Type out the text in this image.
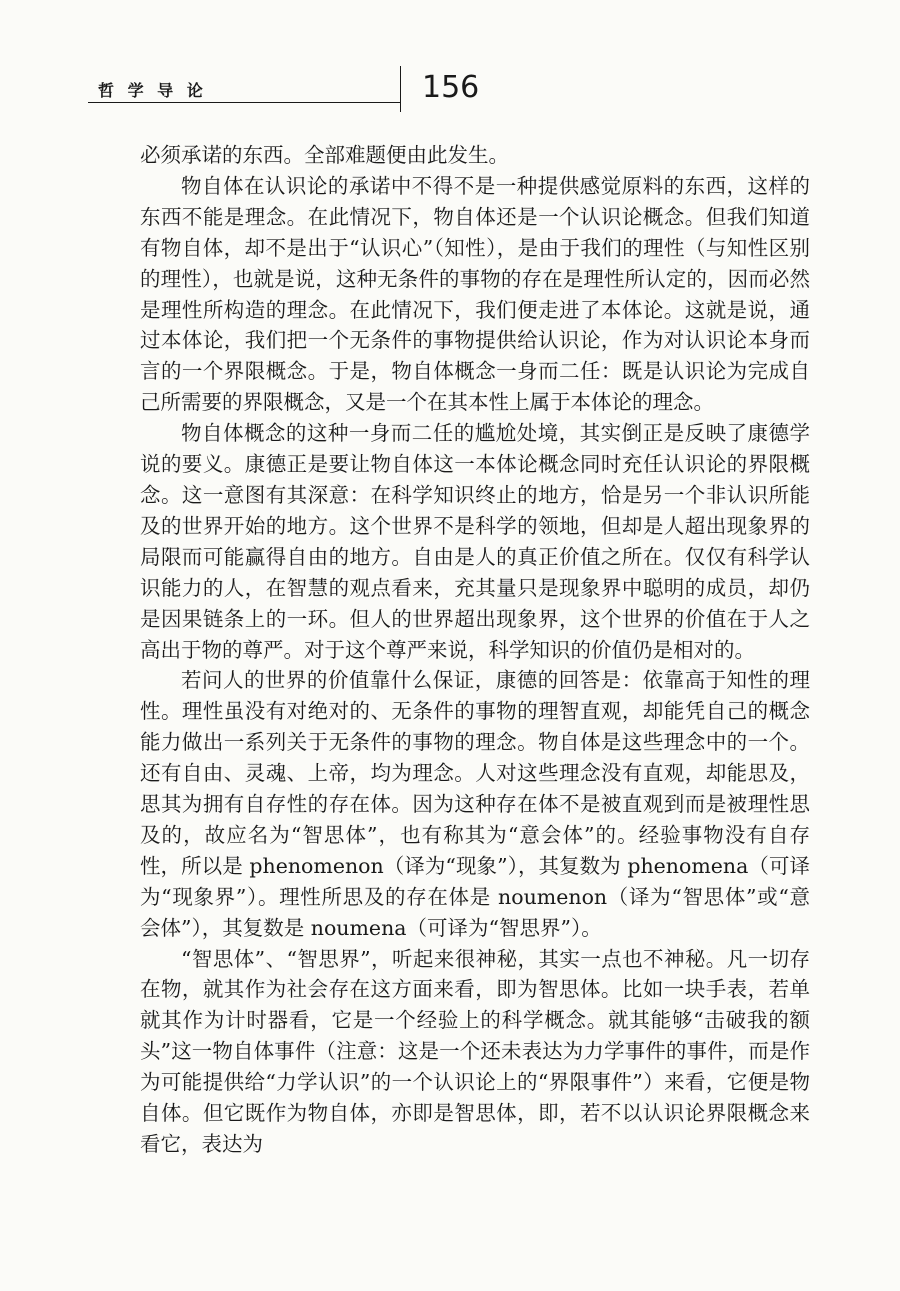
哲 学 导 论	156

必须承诺的东西。全部难题便由此发生。

物自体在认识论的承诺中不得不是一种提供感觉原料的东西，这样的东西不能是理念。在此情况下，物自体还是一个认识论概念。但我们知道有物自体，却不是出于“认识心”（知性），是由于我们的理性（与知性区别的理性），也就是说，这种无条件的事物的存在是理性所认定的，因而必然是理性所构造的理念。在此情况下，我们便走进了本体论。这就是说，通过本体论，我们把一个无条件的事物提供给认识论，作为对认识论本身而言的一个界限概念。于是，物自体概念一身而二任：既是认识论为完成自己所需要的界限概念，又是一个在其本性上属于本体论的理念。

物自体概念的这种一身而二任的尴尬处境，其实倒正是反映了康德学说的要义。康德正是要让物自体这一本体论概念同时充任认识论的界限概念。这一意图有其深意：在科学知识终止的地方，恰是另一个非认识所能及的世界开始的地方。这个世界不是科学的领地，但却是人超出现象界的局限而可能赢得自由的地方。自由是人的真正价值之所在。仅仅有科学认识能力的人，在智慧的观点看来，充其量只是现象界中聪明的成员，却仍是因果链条上的一环。但人的世界超出现象界，这个世界的价值在于人之高出于物的尊严。对于这个尊严来说，科学知识的价值仍是相对的。

若问人的世界的价值靠什么保证，康德的回答是：依靠高于知性的理性。理性虽没有对绝对的、无条件的事物的理智直观，却能凭自己的概念能力做出一系列关于无条件的事物的理念。物自体是这些理念中的一个。还有自由、灵魂、上帝，均为理念。人对这些理念没有直观，却能思及，思其为拥有自存性的存在体。因为这种存在体不是被直观到而是被理性思及的，故应名为“智思体”，也有称其为“意会体”的。经验事物没有自存性，所以是 phenomenon（译为“现象”），其复数为 phenomena（可译为“现象界”）。理性所思及的存在体是 noumenon（译为“智思体”或“意会体”），其复数是 noumena（可译为“智思界”）。

“智思体”、“智思界”，听起来很神秘，其实一点也不神秘。凡一切存在物，就其作为社会存在这方面来看，即为智思体。比如一块手表，若单就其作为计时器看，它是一个经验上的科学概念。就其能够“击破我的额头”这一物自体事件（注意：这是一个还未表达为力学事件的事件，而是作为可能提供给“力学认识”的一个认识论上的“界限事件”）来看，它便是物自体。但它既作为物自体，亦即是智思体，即，若不以认识论界限概念来看它，表达为
